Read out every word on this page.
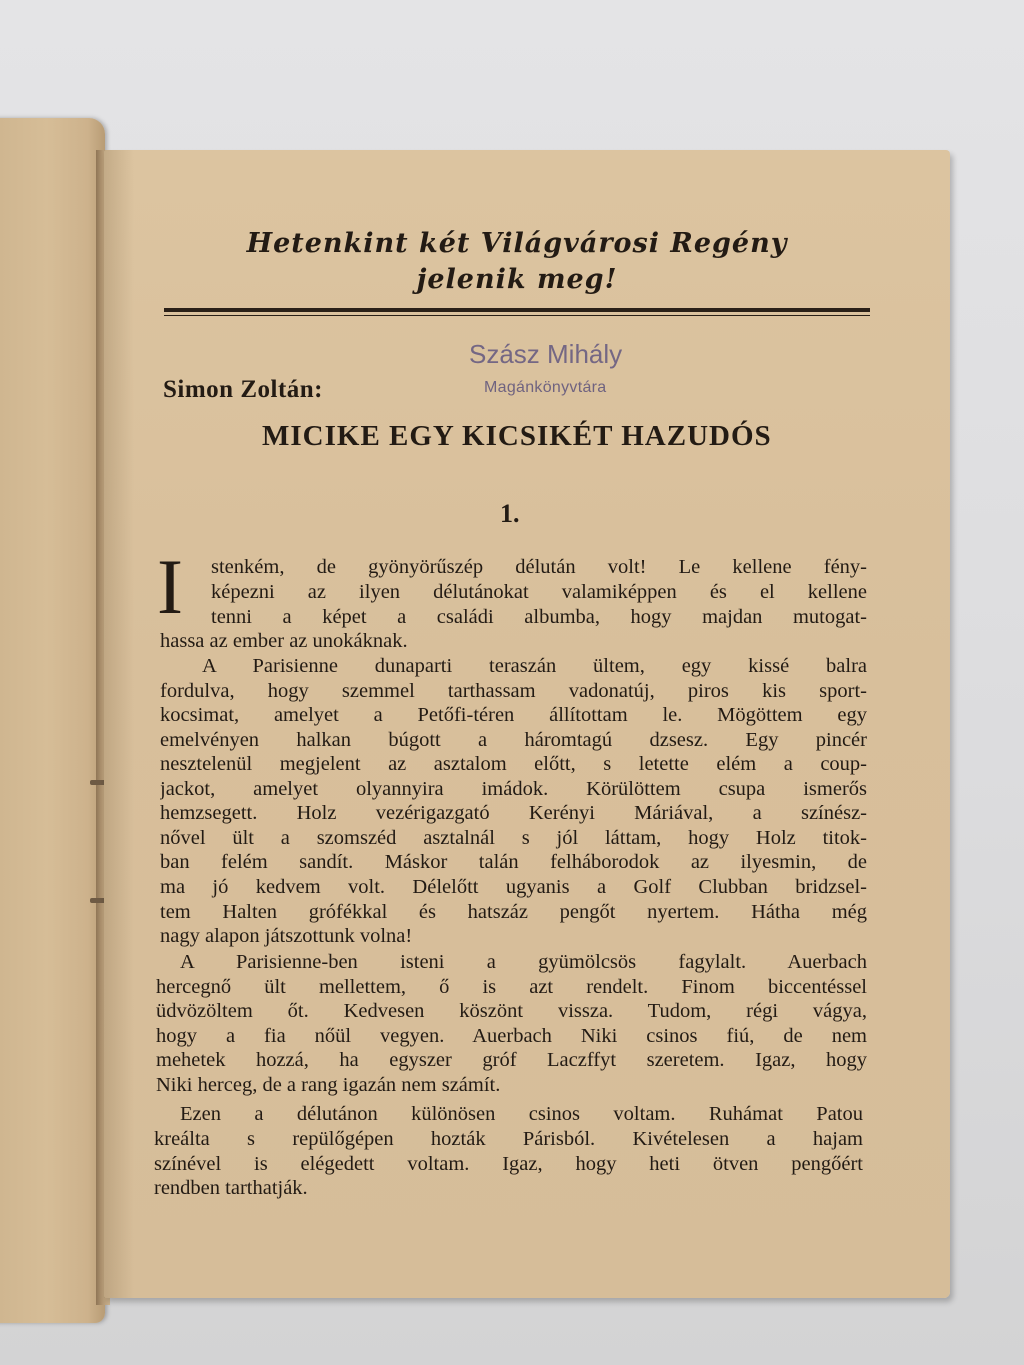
Hetenkint két Világvárosi Regény
jelenik meg!
Szász Mihály
Magánkönyvtára
Simon Zoltán:
MICIKE EGY KICSIKÉT HAZUDÓS
1.
I stenkém, de gyönyörűszép délután volt! Le kellene fény-
képezni az ilyen délutánokat valamiképpen és el kellene
tenni a képet a családi albumba, hogy majdan mutogat-
hassa az ember az unokáknak.
A Parisienne dunaparti teraszán ültem, egy kissé balra
fordulva, hogy szemmel tarthassam vadonatúj, piros kis sport-
kocsimat, amelyet a Petőfi-téren állítottam le. Mögöttem egy
emelvényen halkan búgott a háromtagú dzsesz. Egy pincér
nesztelenül megjelent az asztalom előtt, s letette elém a coup-
jackot, amelyet olyannyira imádok. Körülöttem csupa ismerős
hemzsegett. Holz vezérigazgató Kerényi Máriával, a színész-
nővel ült a szomszéd asztalnál s jól láttam, hogy Holz titok-
ban felém sandít. Máskor talán felháborodok az ilyesmin, de
ma jó kedvem volt. Délelőtt ugyanis a Golf Clubban bridzsel-
tem Halten grófékkal és hatszáz pengőt nyertem. Hátha még
nagy alapon játszottunk volna!
A Parisienne-ben isteni a gyümölcsös fagylalt. Auerbach
hercegnő ült mellettem, ő is azt rendelt. Finom biccentéssel
üdvözöltem őt. Kedvesen köszönt vissza. Tudom, régi vágya,
hogy a fia nőül vegyen. Auerbach Niki csinos fiú, de nem
mehetek hozzá, ha egyszer gróf Laczffyt szeretem. Igaz, hogy
Niki herceg, de a rang igazán nem számít.
Ezen a délutánon különösen csinos voltam. Ruhámat Patou
kreálta s repülőgépen hozták Párisból. Kivételesen a hajam
színével is elégedett voltam. Igaz, hogy heti ötven pengőért
rendben tarthatják.
